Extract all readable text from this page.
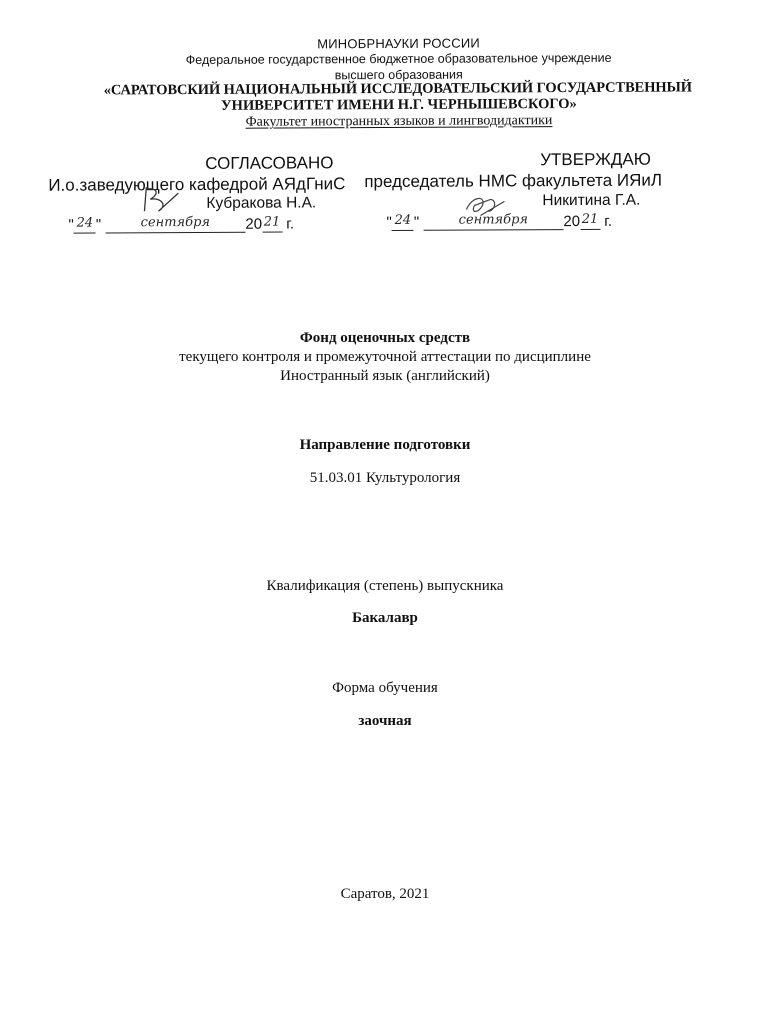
МИНОБРНАУКИ РОССИИ
Федеральное государственное бюджетное образовательное учреждение
высшего образования
«САРАТОВСКИЙ НАЦИОНАЛЬНЫЙ ИССЛЕДОВАТЕЛЬСКИЙ ГОСУДАРСТВЕННЫЙ
УНИВЕРСИТЕТ ИМЕНИ Н.Г. ЧЕРНЫШЕВСКОГО»
Факультет иностранных языков и лингводидактики
СОГЛАСОВАНО
И.о.заведующего кафедрой АЯдГниС
Кубракова Н.А.
" 24 "	сентября 20 21 г.
УТВЕРЖДАЮ
председатель НМС факультета ИЯиЛ
Никитина Г.А.
" 24 "	сентября 20 21 г.
Фонд оценочных средств
текущего контроля и промежуточной аттестации по дисциплине
Иностранный язык (английский)
Направление подготовки
51.03.01 Культурология
Квалификация (степень) выпускника
Бакалавр
Форма обучения
заочная
Саратов, 2021
